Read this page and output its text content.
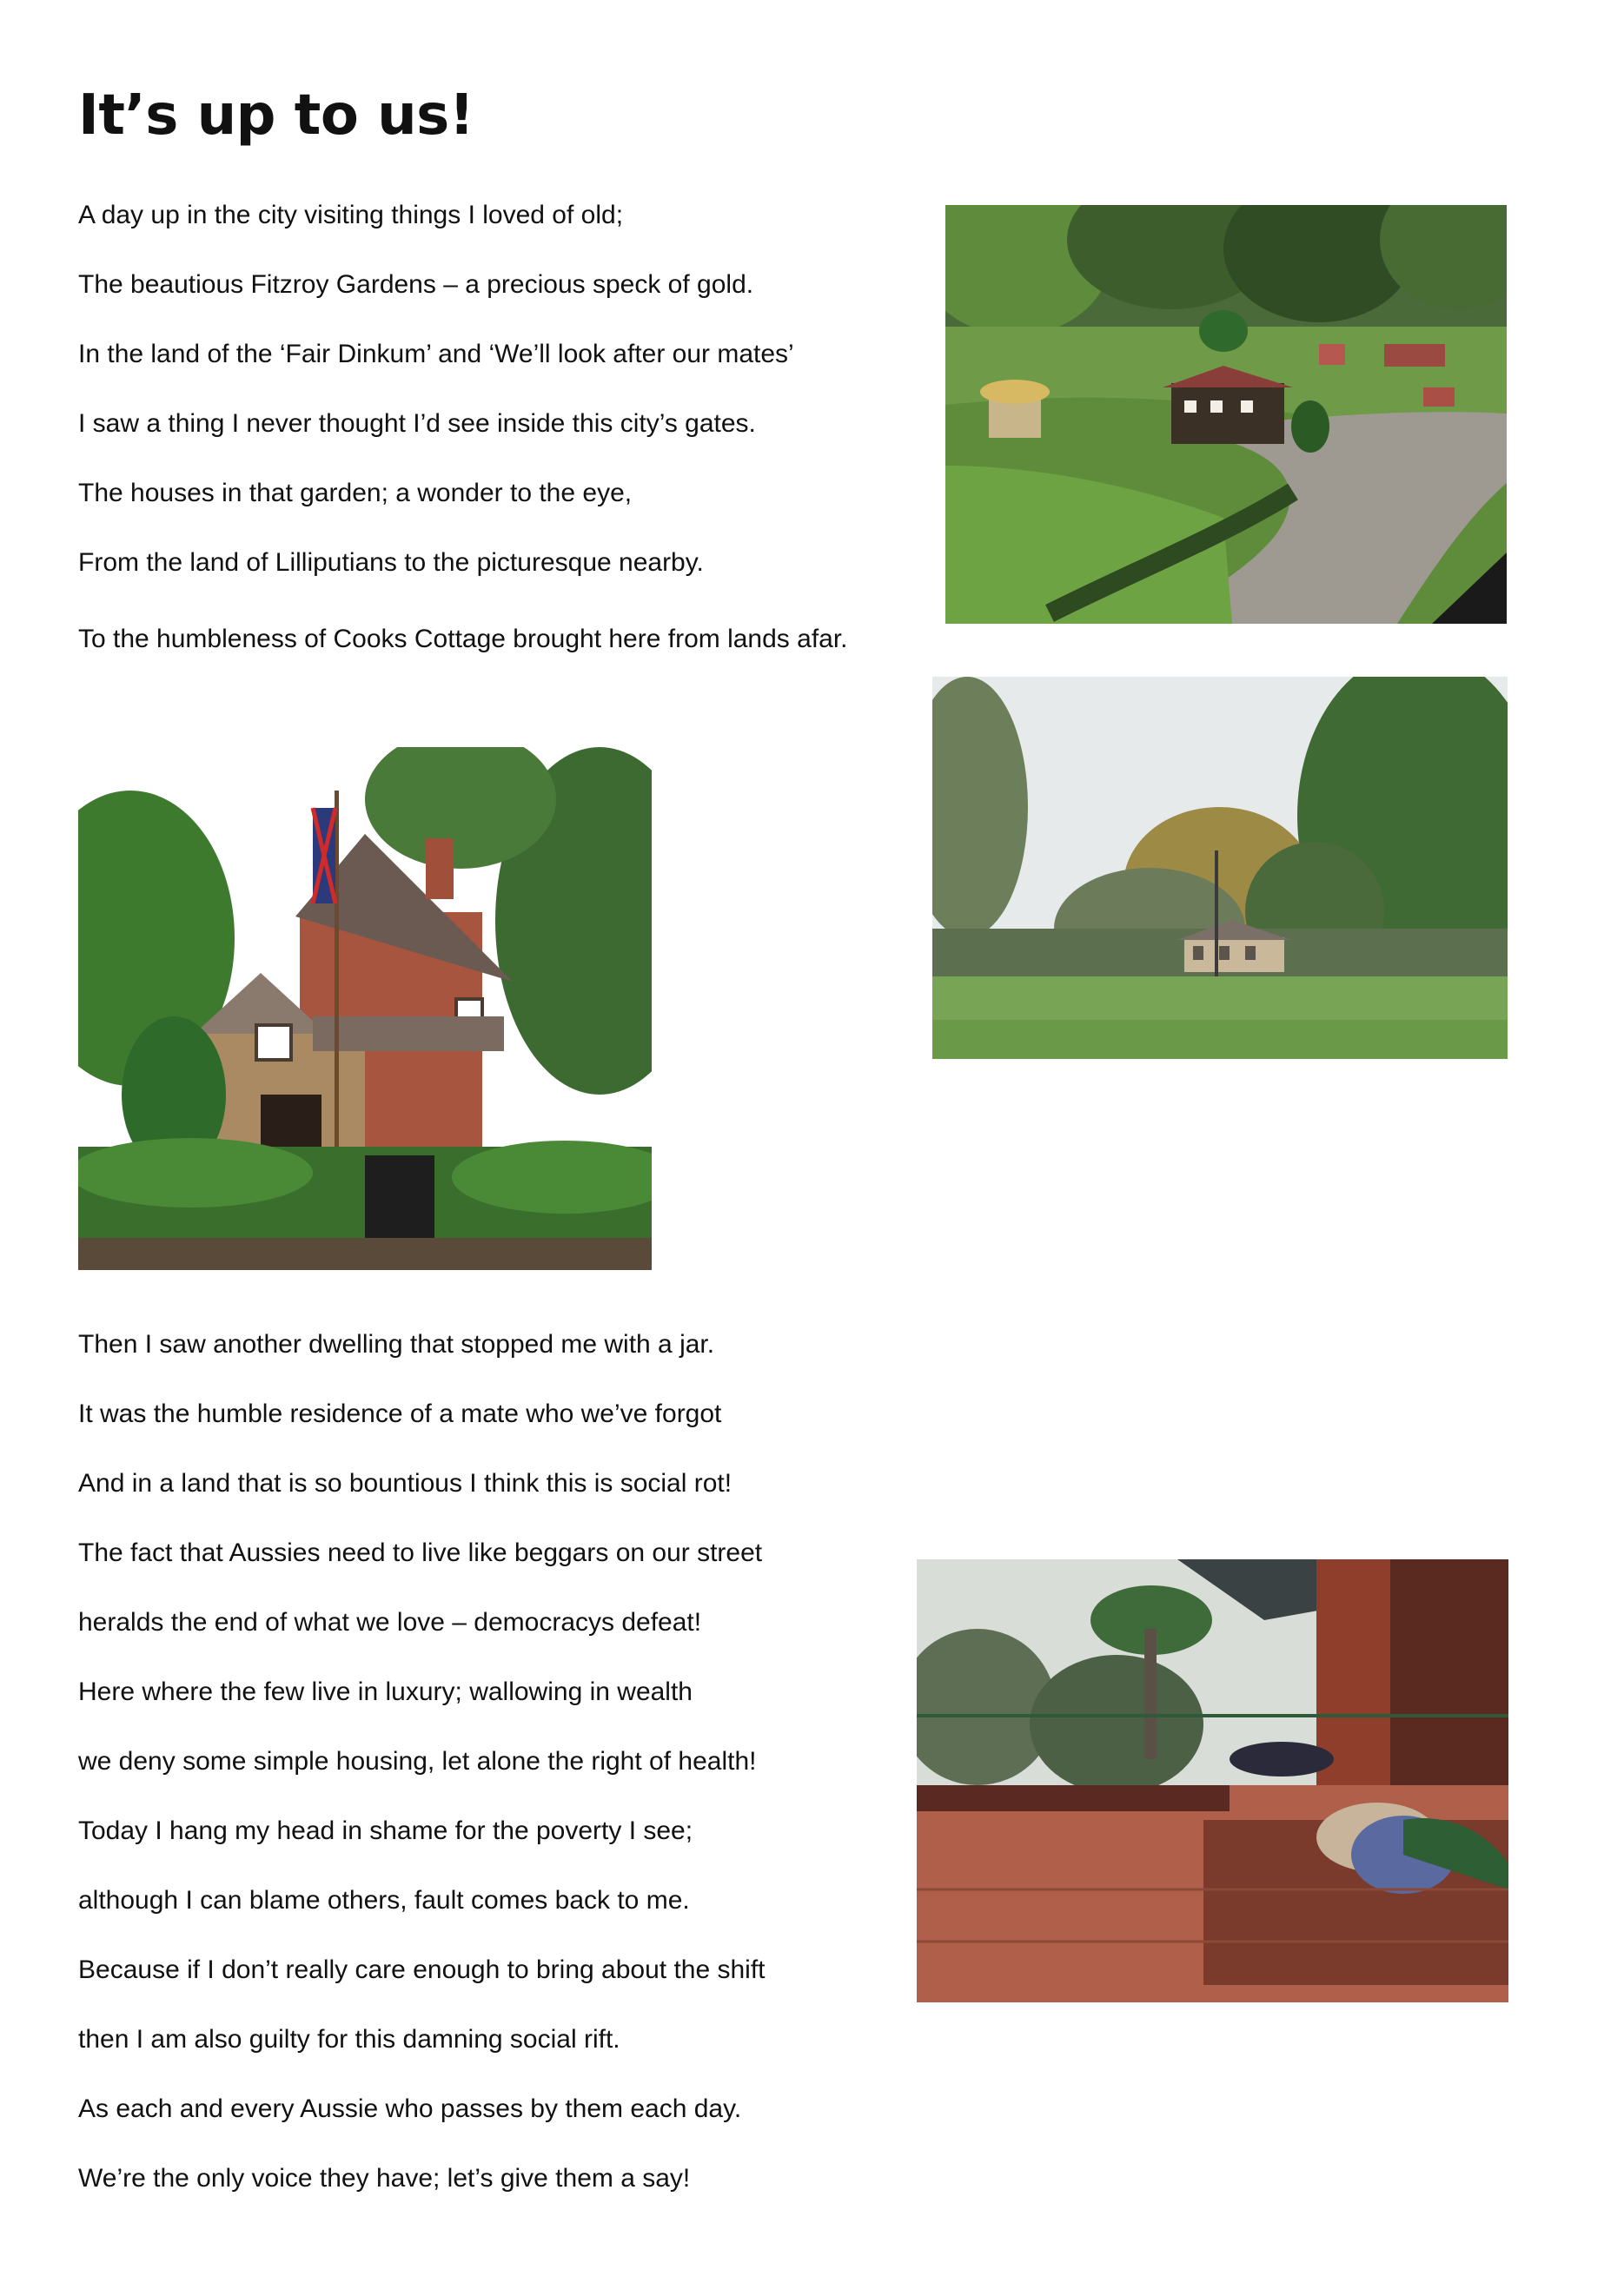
It’s up to us!
A day up in the city visiting things I loved of old;
The beautious Fitzroy Gardens – a precious speck of gold.
In the land of the ‘Fair Dinkum’ and ‘We’ll look after our mates’
I saw a thing I never thought I’d see inside this city’s gates.
The houses in that garden; a wonder to the eye,
From the land of Lilliputians to the picturesque nearby.
To the humbleness of Cooks Cottage brought here from lands afar.
Then I saw another dwelling that stopped me with a jar.
It was the humble residence of a mate who we’ve forgot
And in a land that is so bountious I think this is social rot!
The fact that Aussies need to live like beggars on our street
heralds the end of what we love – democracys defeat!
Here where the few live in luxury; wallowing in wealth
we deny some simple housing, let alone the right of health!
Today I hang my head in shame for the poverty I see;
although I can blame others, fault comes back to me.
Because if I don’t really care enough to bring about the shift
then I am also guilty for this damning social rift.
As each and every Aussie who passes by them each day.
We’re the only voice they have; let’s give them a say!
